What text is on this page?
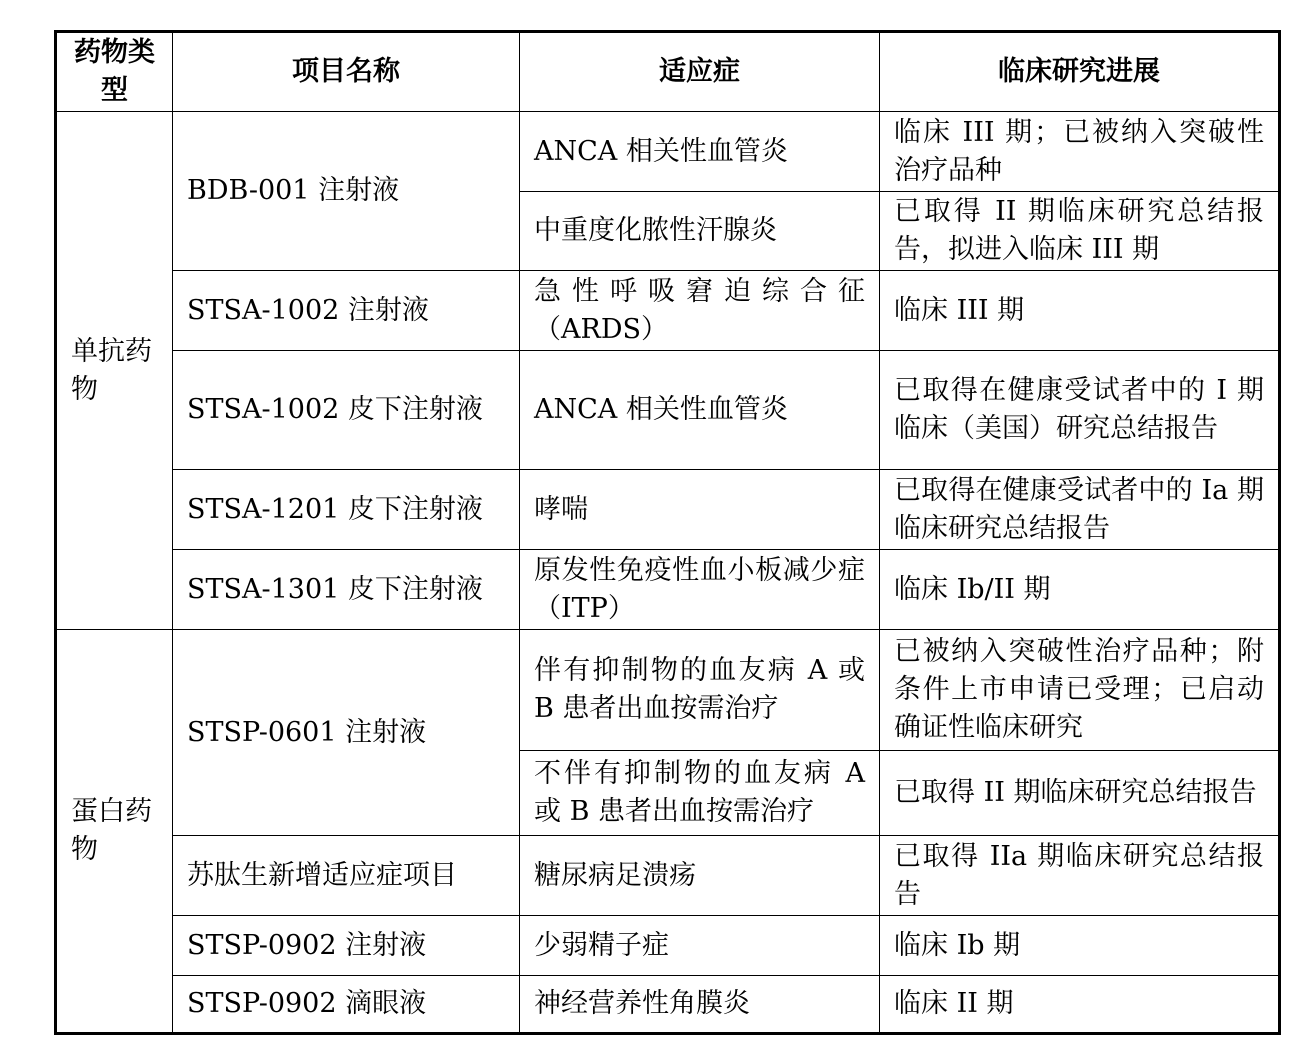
药物类型	项目名称	适应症	临床研究进展
单抗药物	BDB-001 注射液	ANCA 相关性血管炎	临床 III 期；已被纳入突破性治疗品种
		中重度化脓性汗腺炎	已取得 II 期临床研究总结报告，拟进入临床 III 期
	STSA-1002 注射液	急性呼吸窘迫综合征（ARDS）	临床 III 期
	STSA-1002 皮下注射液	ANCA 相关性血管炎	已取得在健康受试者中的 I 期临床（美国）研究总结报告
	STSA-1201 皮下注射液	哮喘	已取得在健康受试者中的 Ia 期临床研究总结报告
	STSA-1301 皮下注射液	原发性免疫性血小板减少症（ITP）	临床 Ib/II 期
蛋白药物	STSP-0601 注射液	伴有抑制物的血友病 A 或 B 患者出血按需治疗	已被纳入突破性治疗品种；附条件上市申请已受理；已启动确证性临床研究
		不伴有抑制物的血友病 A 或 B 患者出血按需治疗	已取得 II 期临床研究总结报告
	苏肽生新增适应症项目	糖尿病足溃疡	已取得 IIa 期临床研究总结报告
	STSP-0902 注射液	少弱精子症	临床 Ib 期
	STSP-0902 滴眼液	神经营养性角膜炎	临床 II 期
